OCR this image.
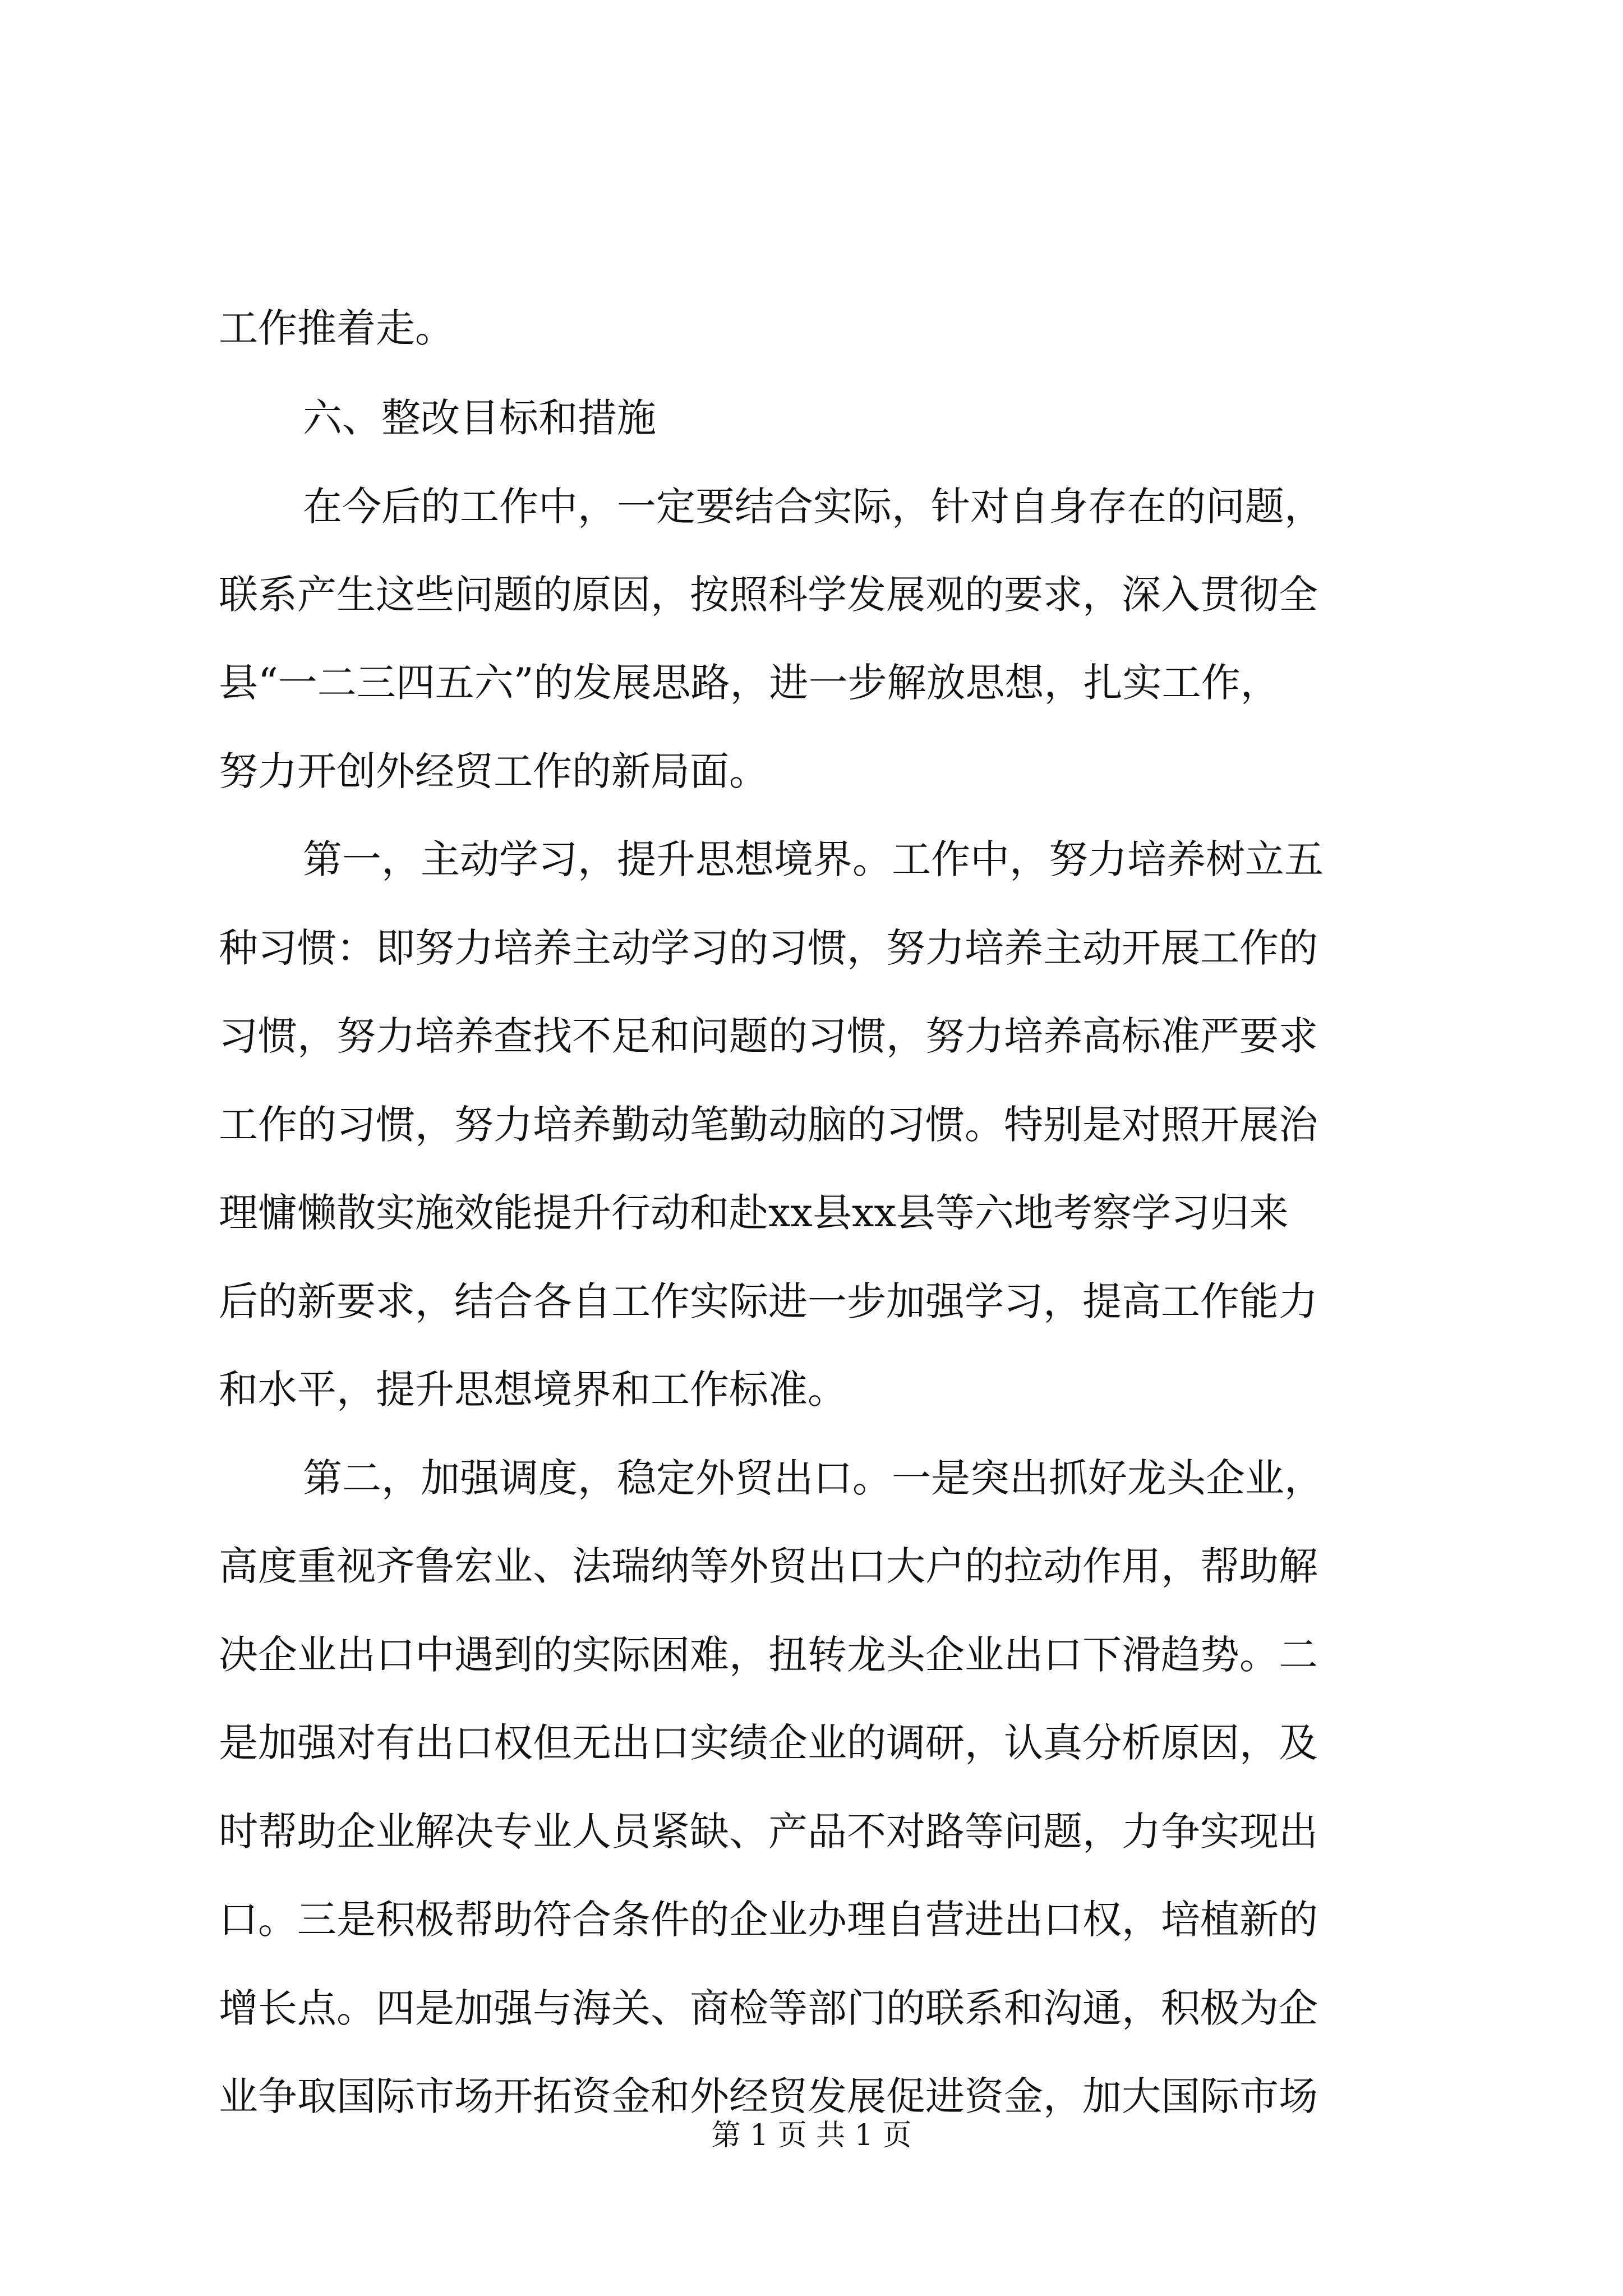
工作推着走。
六、整改目标和措施
在今后的工作中，一定要结合实际，针对自身存在的问题，
联系产生这些问题的原因，按照科学发展观的要求，深入贯彻全
县“一二三四五六”的发展思路，进一步解放思想，扎实工作，
努力开创外经贸工作的新局面。
第一，主动学习，提升思想境界。工作中，努力培养树立五
种习惯：即努力培养主动学习的习惯，努力培养主动开展工作的
习惯，努力培养查找不足和问题的习惯，努力培养高标准严要求
工作的习惯，努力培养勤动笔勤动脑的习惯。特别是对照开展治
理慵懒散实施效能提升行动和赴xx县xx县等六地考察学习归来
后的新要求，结合各自工作实际进一步加强学习，提高工作能力
和水平，提升思想境界和工作标准。
第二，加强调度，稳定外贸出口。一是突出抓好龙头企业，
高度重视齐鲁宏业、法瑞纳等外贸出口大户的拉动作用，帮助解
决企业出口中遇到的实际困难，扭转龙头企业出口下滑趋势。二
是加强对有出口权但无出口实绩企业的调研，认真分析原因，及
时帮助企业解决专业人员紧缺、产品不对路等问题，力争实现出
口。三是积极帮助符合条件的企业办理自营进出口权，培植新的
增长点。四是加强与海关、商检等部门的联系和沟通，积极为企
业争取国际市场开拓资金和外经贸发展促进资金，加大国际市场
第 1 页 共 1 页
